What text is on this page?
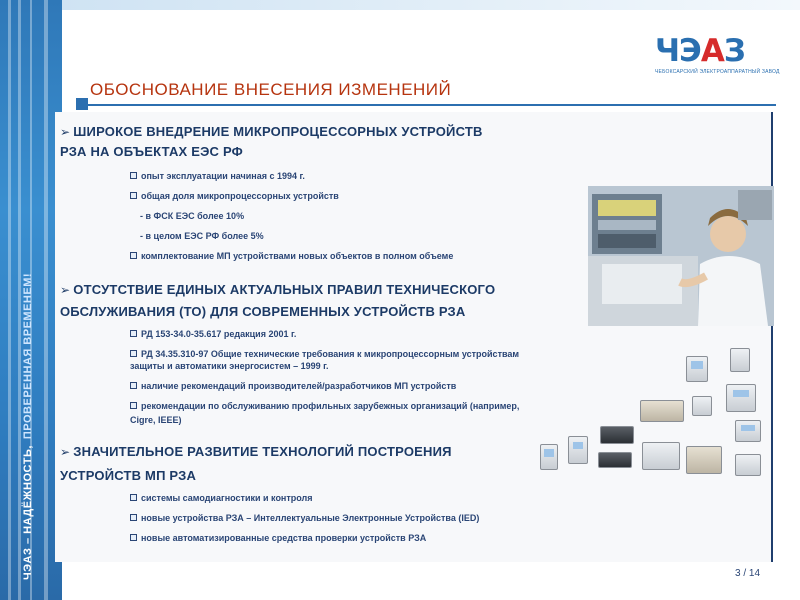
ЧЭАЗ – НАДЁЖНОСТЬ,ПРОВЕРЕННАЯ ВРЕМЕНЕМ!
ЧЭАЗ
ЧЕБОКСАРСКИЙ ЭЛЕКТРОАППАРАТНЫЙ ЗАВОД
ОБОСНОВАНИЕ ВНЕСЕНИЯ ИЗМЕНЕНИЙ
➢ ШИРОКОЕ ВНЕДРЕНИЕ МИКРОПРОЦЕССОРНЫХ УСТРОЙСТВ
РЗА НА ОБЪЕКТАХ ЕЭС РФ
опыт эксплуатации начиная с 1994 г.
общая доля микропроцессорных устройств
- в ФСК ЕЭС более 10%
- в целом ЕЭС РФ более 5%
комплектование МП устройствами новых объектов в полном объеме
➢ ОТСУТСТВИЕ ЕДИНЫХ АКТУАЛЬНЫХ ПРАВИЛ ТЕХНИЧЕСКОГО
ОБСЛУЖИВАНИЯ (ТО) ДЛЯ СОВРЕМЕННЫХ УСТРОЙСТВ РЗА
РД 153-34.0-35.617 редакция 2001 г.
РД 34.35.310-97 Общие технические требования к микропроцессорным устройствам
защиты и автоматики энергосистем – 1999 г.
наличие рекомендаций производителей/разработчиков МП устройств
рекомендации по обслуживанию профильных зарубежных организаций (например,
Cigre, IEEE)
➢ ЗНАЧИТЕЛЬНОЕ РАЗВИТИЕ ТЕХНОЛОГИЙ ПОСТРОЕНИЯ
УСТРОЙСТВ МП РЗА
системы самодиагностики и контроля
новые устройства РЗА – Интеллектуальные Электронные Устройства (IED)
новые автоматизированные средства проверки устройств РЗА
3 / 14
